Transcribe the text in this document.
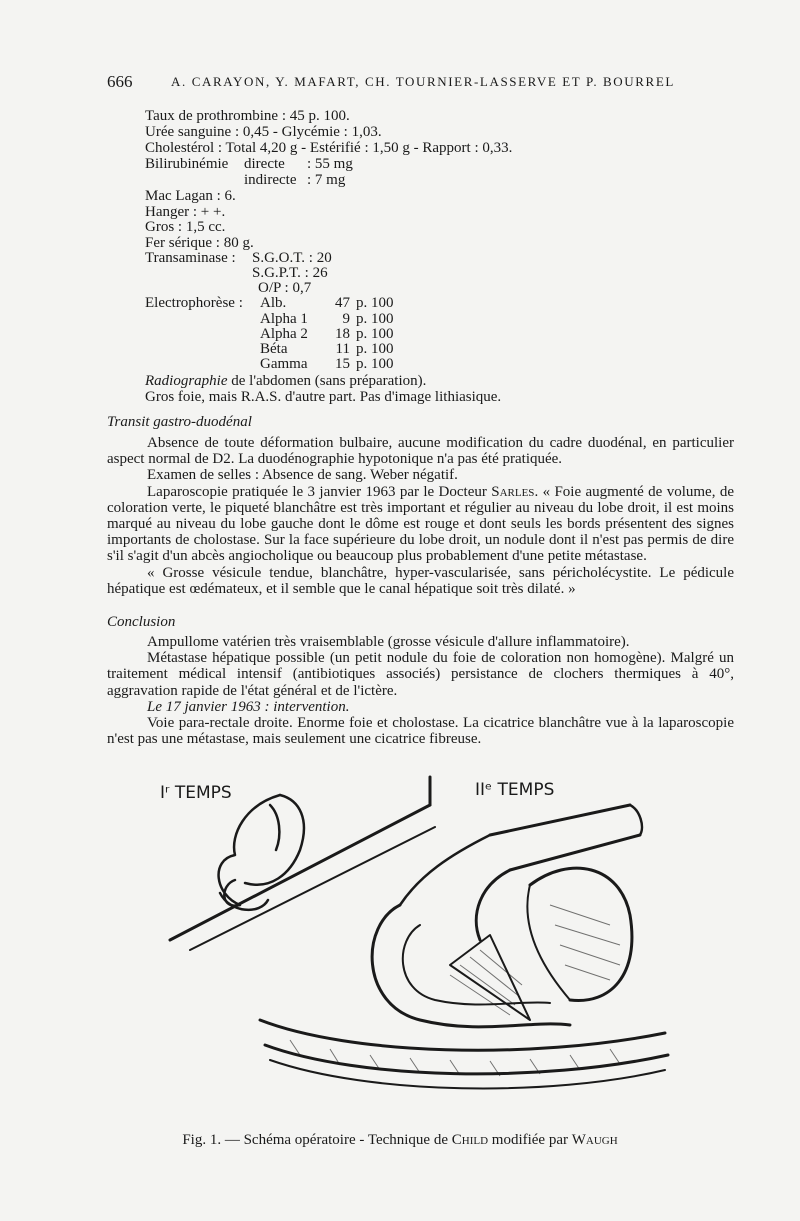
666	A. CARAYON, Y. MAFART, CH. TOURNIER-LASSERVE ET P. BOURREL
Taux de prothrombine : 45 p. 100.
Urée sanguine : 0,45 - Glycémie : 1,03.
Cholestérol : Total 4,20 g - Estérifié : 1,50 g - Rapport : 0,33.
Bilirubinémie directe : 55 mg
indirecte : 7 mg
Mac Lagan : 6.
Hanger : + +.
Gros : 1,5 cc.
Fer sérique : 80 g.
Transaminase : S.G.O.T. : 20
S.G.P.T. : 26
O/P : 0,7
Electrophorèse : Alb.	47 p. 100
Alpha 1	9 p. 100
Alpha 2	18 p. 100
Béta	11 p. 100
Gamma	15 p. 100
Radiographie de l'abdomen (sans préparation).
Gros foie, mais R.A.S. d'autre part. Pas d'image lithiasique.
Transit gastro-duodénal

Absence de toute déformation bulbaire, aucune modification du cadre duodénal, en particulier aspect normal de D2. La duodénographie hypotonique n'a pas été pratiquée.

Examen de selles : Absence de sang. Weber négatif.

Laparoscopie pratiquée le 3 janvier 1963 par le Docteur Sarles. « Foie augmenté de volume, de coloration verte, le piqueté blanchâtre est très important et régulier au niveau du lobe droit, il est moins marqué au niveau du lobe gauche dont le dôme est rouge et dont seuls les bords présentent des signes importants de cholostase. Sur la face supérieure du lobe droit, un nodule dont il n'est pas permis de dire s'il s'agit d'un abcès angiocholique ou beaucoup plus probablement d'une petite métastase.

« Grosse vésicule tendue, blanchâtre, hyper-vascularisée, sans péricholécystite. Le pédicule hépatique est œdémateux, et il semble que le canal hépatique soit très dilaté. »

Conclusion

Ampullome vatérien très vraisemblable (grosse vésicule d'allure inflammatoire).

Métastase hépatique possible (un petit nodule du foie de coloration non homogène). Malgré un traitement médical intensif (antibiotiques associés) persistance de clochers thermiques à 40°, aggravation rapide de l'état général et de l'ictère.

Le 17 janvier 1963 : intervention.

Voie para-rectale droite. Enorme foie et cholostase. La cicatrice blanchâtre vue à la laparoscopie n'est pas une métastase, mais seulement une cicatrice fibreuse.

Iʳ TEMPS	IIᵉ TEMPS
Fig. 1. — Schéma opératoire - Technique de Child modifiée par Waugh
